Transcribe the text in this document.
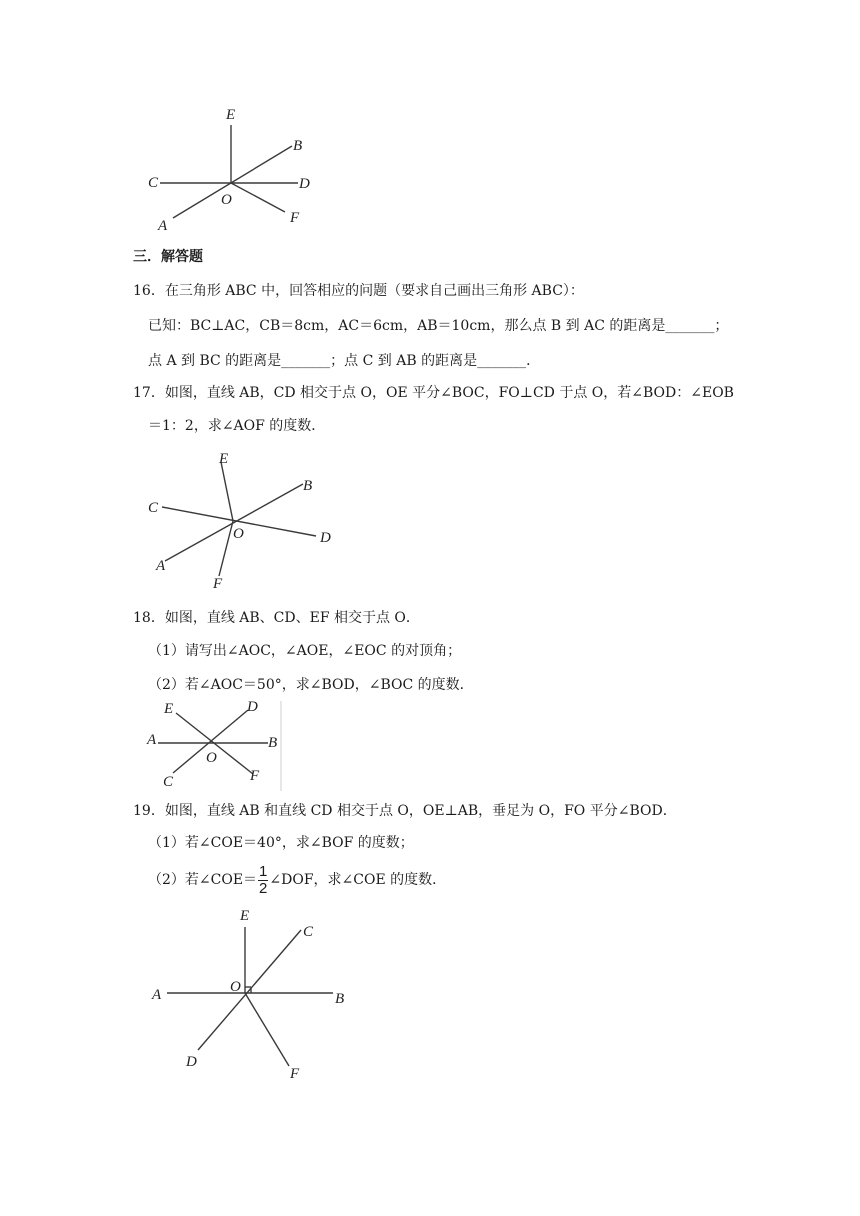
E
B
C	D
O
A	F
三．解答题
16．在三角形 ABC 中，回答相应的问题（要求自己画出三角形 ABC）：
已知：BC⊥AC，CB＝8cm，AC＝6cm，AB＝10cm，那么点 B 到 AC 的距离是_______；
点 A 到 BC 的距离是_______；点 C 到 AB 的距离是_______．
17．如图，直线 AB，CD 相交于点 O，OE 平分∠BOC，FO⊥CD 于点 O，若∠BOD：∠EOB
＝1：2，求∠AOF 的度数．
E
B
C
O	D
A
F
18．如图，直线 AB、CD、EF 相交于点 O．
（1）请写出∠AOC，∠AOE，∠EOC 的对顶角；
（2）若∠AOC＝50°，求∠BOD，∠BOC 的度数．
E	D
A	B
O
C	F
19．如图，直线 AB 和直线 CD 相交于点 O，OE⊥AB，垂足为 O，FO 平分∠BOD．
（1）若∠COE＝40°，求∠BOF 的度数；
（2）若∠COE＝ $\frac{1}{2}$ ∠DOF，求∠COE 的度数．
E
C
A	O
B
D
F
